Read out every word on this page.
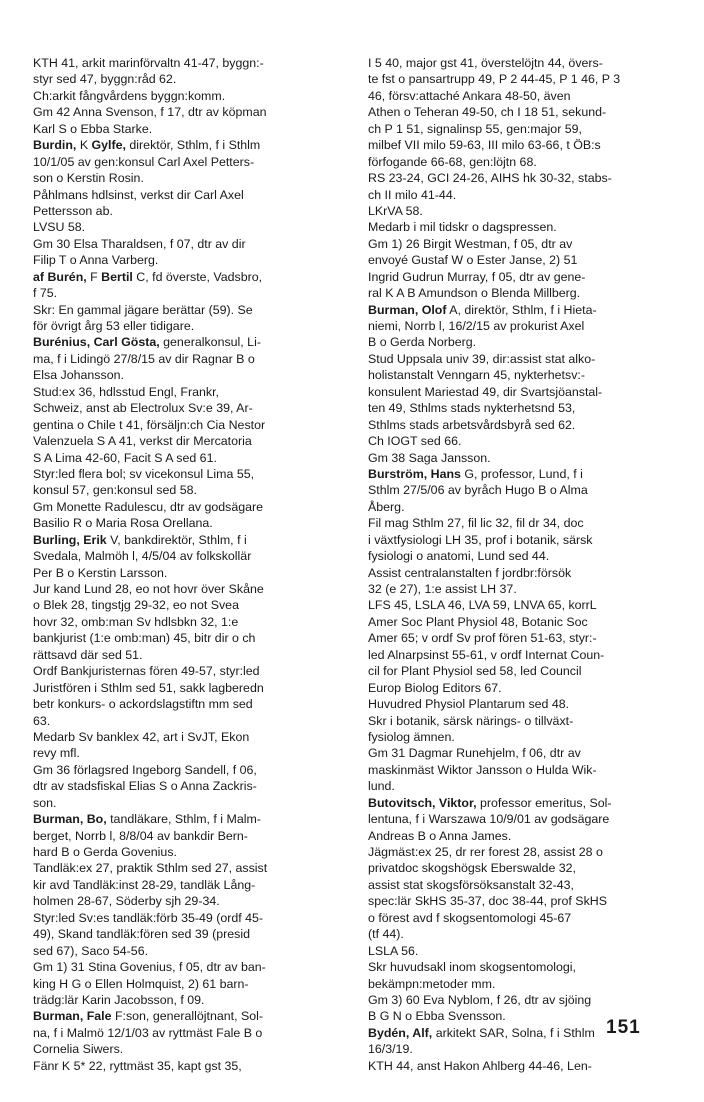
KTH 41, arkit marinförvaltn 41-47, byggn:-
styr sed 47, byggn:råd 62.
Ch:arkit fångvårdens byggn:komm.
Gm 42 Anna Svenson, f 17, dtr av köpman
Karl S o Ebba Starke.
Burdin, K Gylfe, direktör, Sthlm, f i Sthlm
10/1/05 av gen:konsul Carl Axel Petters-
son o Kerstin Rosin.
Påhlmans hdlsinst, verkst dir Carl Axel
Pettersson ab.
LVSU 58.
Gm 30 Elsa Tharaldsen, f 07, dtr av dir
Filip T o Anna Varberg.
af Burén, F Bertil C, fd överste, Vadsbro,
f 75.
Skr: En gammal jägare berättar (59). Se
för övrigt årg 53 eller tidigare.
Burénius, Carl Gösta, generalkonsul, Li-
ma, f i Lidingö 27/8/15 av dir Ragnar B o
Elsa Johansson.
Stud:ex 36, hdlsstud Engl, Frankr,
Schweiz, anst ab Electrolux Sv:e 39, Ar-
gentina o Chile t 41, försäljn:ch Cia Nestor
Valenzuela S A 41, verkst dir Mercatoria
S A Lima 42-60, Facit S A sed 61.
Styr:led flera bol; sv vicekonsul Lima 55,
konsul 57, gen:konsul sed 58.
Gm Monette Radulescu, dtr av godsägare
Basilio R o Maria Rosa Orellana.
Burling, Erik V, bankdirektör, Sthlm, f i
Svedala, Malmöh l, 4/5/04 av folkskollär
Per B o Kerstin Larsson.
Jur kand Lund 28, eo not hovr över Skåne
o Blek 28, tingstjg 29-32, eo not Svea
hovr 32, omb:man Sv hdlsbkn 32, 1:e
bankjurist (1:e omb:man) 45, bitr dir o ch
rättsavd där sed 51.
Ordf Bankjuristernas fören 49-57, styr:led
Juristfören i Sthlm sed 51, sakk lagberedn
betr konkurs- o ackordslagstiftn mm sed
63.
Medarb Sv banklex 42, art i SvJT, Ekon
revy mfl.
Gm 36 förlagsred Ingeborg Sandell, f 06,
dtr av stadsfiskal Elias S o Anna Zackris-
son.
Burman, Bo, tandläkare, Sthlm, f i Malm-
berget, Norrb l, 8/8/04 av bankdir Bern-
hard B o Gerda Govenius.
Tandläk:ex 27, praktik Sthlm sed 27, assist
kir avd Tandläk:inst 28-29, tandläk Lång-
holmen 28-67, Söderby sjh 29-34.
Styr:led Sv:es tandläk:förb 35-49 (ordf 45-
49), Skand tandläk:fören sed 39 (presid
sed 67), Saco 54-56.
Gm 1) 31 Stina Govenius, f 05, dtr av ban-
king H G o Ellen Holmquist, 2) 61 barn-
trädg:lär Karin Jacobsson, f 09.
Burman, Fale F:son, generallöjtnant, Sol-
na, f i Malmö 12/1/03 av ryttmäst Fale B o
Cornelia Siwers.
Fänr K 5* 22, ryttmäst 35, kapt gst 35,
I 5 40, major gst 41, överstelöjtn 44, övers-
te fst o pansartrupp 49, P 2 44-45, P 1 46, P 3
46, försv:attaché Ankara 48-50, även
Athen o Teheran 49-50, ch I 18 51, sekund-
ch P 1 51, signalinsp 55, gen:major 59,
milbef VII milo 59-63, III milo 63-66, t ÖB:s
förfogande 66-68, gen:löjtn 68.
RS 23-24, GCI 24-26, AIHS hk 30-32, stabs-
ch II milo 41-44.
LKrVA 58.
Medarb i mil tidskr o dagspressen.
Gm 1) 26 Birgit Westman, f 05, dtr av
envoyé Gustaf W o Ester Janse, 2) 51
Ingrid Gudrun Murray, f 05, dtr av gene-
ral K A B Amundson o Blenda Millberg.
Burman, Olof A, direktör, Sthlm, f i Hieta-
niemi, Norrb l, 16/2/15 av prokurist Axel
B o Gerda Norberg.
Stud Uppsala univ 39, dir:assist stat alko-
holistanstalt Venngarn 45, nykterhetsv:-
konsulent Mariestad 49, dir Svartsjöanstal-
ten 49, Sthlms stads nykterhetsnd 53,
Sthlms stads arbetsvårdsbyrå sed 62.
Ch IOGT sed 66.
Gm 38 Saga Jansson.
Burström, Hans G, professor, Lund, f i
Sthlm 27/5/06 av byråch Hugo B o Alma
Åberg.
Fil mag Sthlm 27, fil lic 32, fil dr 34, doc
i växtfysiologi LH 35, prof i botanik, särsk
fysiologi o anatomi, Lund sed 44.
Assist centralanstalten f jordbr:försök
32 (e 27), 1:e assist LH 37.
LFS 45, LSLA 46, LVA 59, LNVA 65, korrL
Amer Soc Plant Physiol 48, Botanic Soc
Amer 65; v ordf Sv prof fören 51-63, styr:-
led Alnarpsinst 55-61, v ordf Internat Coun-
cil for Plant Physiol sed 58, led Council
Europ Biolog Editors 67.
Huvudred Physiol Plantarum sed 48.
Skr i botanik, särsk närings- o tillväxt-
fysiolog ämnen.
Gm 31 Dagmar Runehjelm, f 06, dtr av
maskinmäst Wiktor Jansson o Hulda Wik-
lund.
Butovitsch, Viktor, professor emeritus, Sol-
lentuna, f i Warszawa 10/9/01 av godsägare
Andreas B o Anna James.
Jägmäst:ex 25, dr rer forest 28, assist 28 o
privatdoc skogshögsk Eberswalde 32,
assist stat skogsförsöksanstalt 32-43,
spec:lär SkHS 35-37, doc 38-44, prof SkHS
o förest avd f skogsentomologi 45-67
(tf 44).
LSLA 56.
Skr huvudsakl inom skogsentomologi,
bekämpn:metoder mm.
Gm 3) 60 Eva Nyblom, f 26, dtr av sjöing
B G N o Ebba Svensson.
Bydén, Alf, arkitekt SAR, Solna, f i Sthlm
16/3/19.
KTH 44, anst Hakon Ahlberg 44-46, Len-
151
